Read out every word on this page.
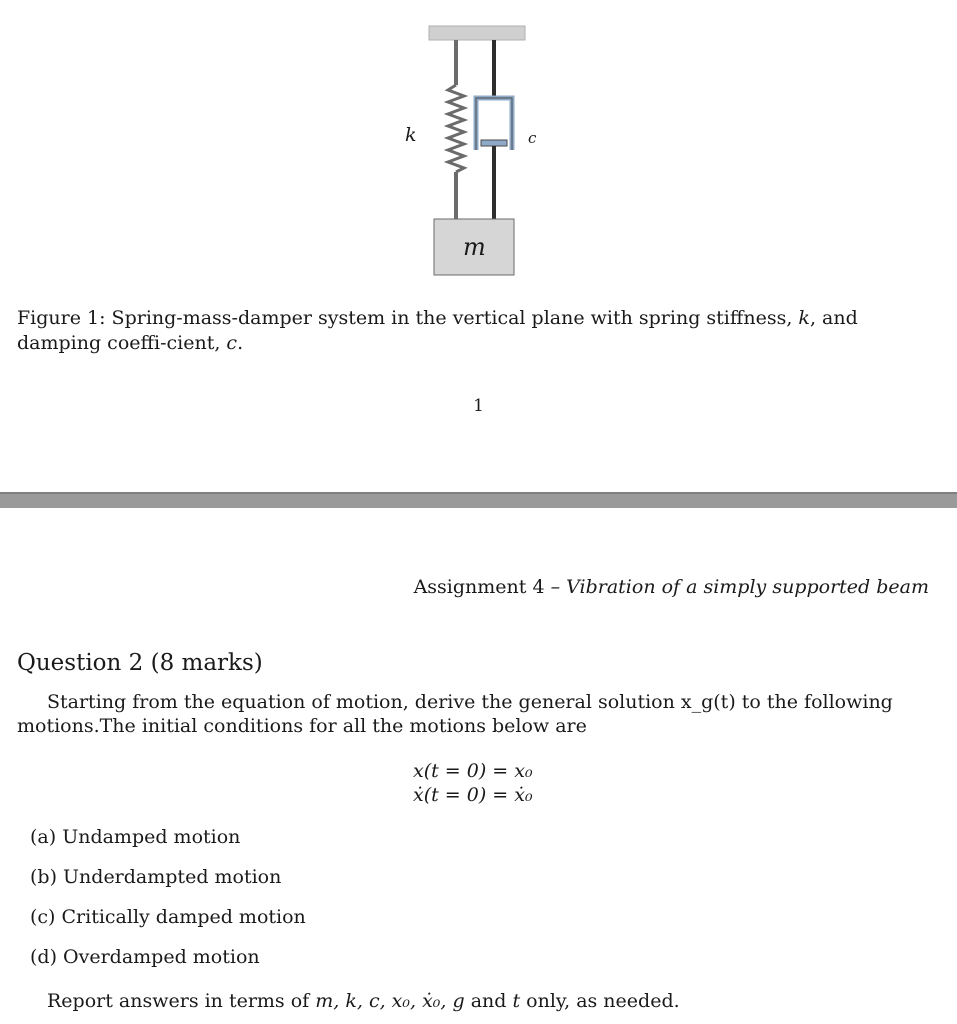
k	c
m
Figure 1: Spring-mass-damper system in the vertical plane with spring stiffness, k, and damping coeffi-cient, c.
1
Assignment 4 – Vibration of a simply supported beam
Question 2 (8 marks)
Starting from the equation of motion, derive the general solution x_g(t) to the following motions.The initial conditions for all the motions below are
x(t = 0) = x₀
ẋ(t = 0) = ẋ₀
(a) Undamped motion
(b) Underdampted motion
(c) Critically damped motion
(d) Overdamped motion
Report answers in terms of m, k, c, x₀, ẋ₀, g and t only, as needed.
